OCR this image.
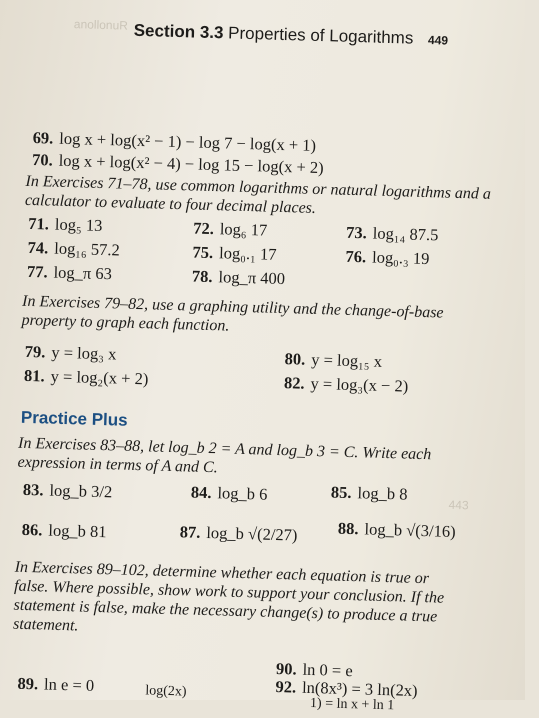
anollonuR Section 3.3 Properties of Logarithms 449
69. log x + log(x² − 1) − log 7 − log(x + 1)
70. log x + log(x² − 4) − log 15 − log(x + 2)
In Exercises 71–78, use common logarithms or natural logarithms and a calculator to evaluate to four decimal places.
71. log₅ 13	72. log₆ 17	73. log₁₄ 87.5
74. log₁₆ 57.2	75. log₀.₁ 17	76. log₀.₃ 19
77. log_π 63	78. log_π 400
In Exercises 79–82, use a graphing utility and the change-of-base property to graph each function.
79. y = log₃ x	80. y = log₁₅ x
81. y = log₂(x + 2)	82. y = log₃(x − 2)
Practice Plus
In Exercises 83–88, let log_b 2 = A and log_b 3 = C. Write each expression in terms of A and C.
83. log_b 3/2	84. log_b 6	85. log_b 8
86. log_b 81	87. log_b √(2/27) 88. log_b √(3/16)
In Exercises 89–102, determine whether each equation is true or false. Where possible, show work to support your conclusion. If the statement is false, make the necessary change(s) to produce a true statement.
90. ln 0 = e
89. ln e = 0	log(2x)	92. ln(8x³) = 3 ln(2x)
1) = ln x + ln 1
443
